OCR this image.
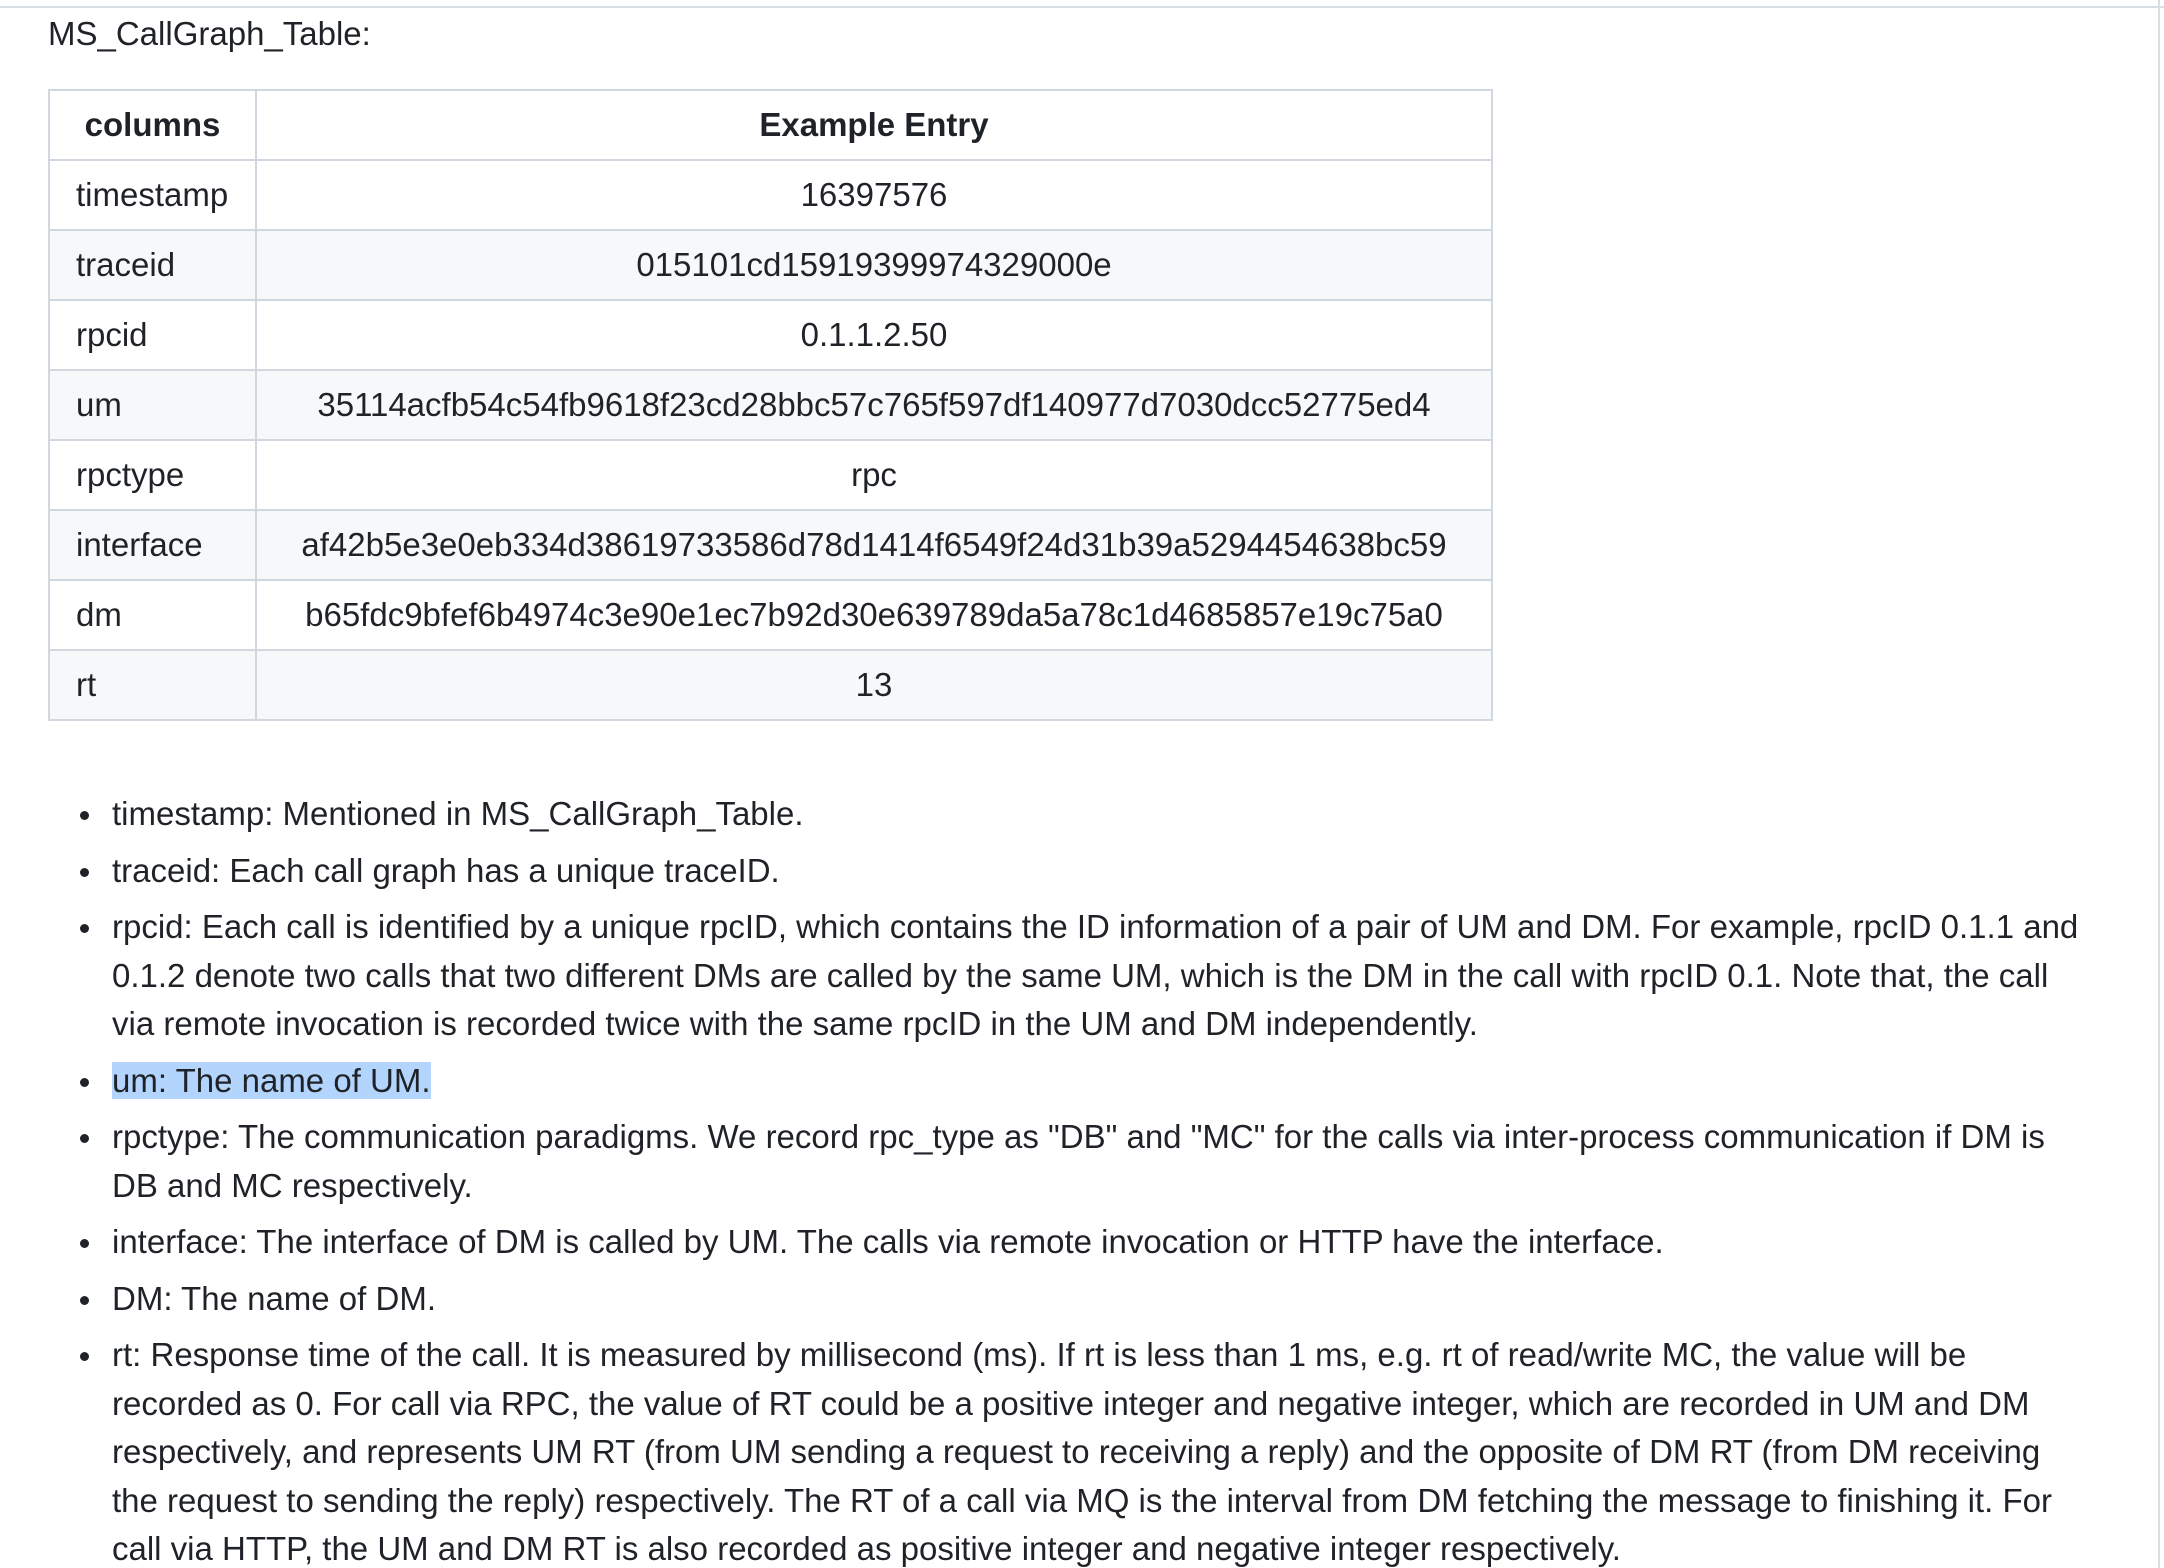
MS_CallGraph_Table:

columns	Example Entry
timestamp	16397576
traceid	015101cd15919399974329000e
rpcid	0.1.1.2.50
um	35114acfb54c54fb9618f23cd28bbc57c765f597df140977d7030dcc52775ed4
rpctype	rpc
interface	af42b5e3e0eb334d38619733586d78d1414f6549f24d31b39a5294454638bc59
dm	b65fdc9bfef6b4974c3e90e1ec7b92d30e639789da5a78c1d4685857e19c75a0
rt	13
timestamp: Mentioned in MS_CallGraph_Table.
traceid: Each call graph has a unique traceID.
rpcid: Each call is identified by a unique rpcID, which contains the ID information of a pair of UM and DM. For example, rpcID 0.1.1 and 0.1.2 denote two calls that two different DMs are called by the same UM, which is the DM in the call with rpcID 0.1. Note that, the call via remote invocation is recorded twice with the same rpcID in the UM and DM independently.
um: The name of UM.
rpctype: The communication paradigms. We record rpc_type as "DB" and "MC" for the calls via inter-process communication if DM is DB and MC respectively.
interface: The interface of DM is called by UM. The calls via remote invocation or HTTP have the interface.
DM: The name of DM.
rt: Response time of the call. It is measured by millisecond (ms). If rt is less than 1 ms, e.g. rt of read/write MC, the value will be recorded as 0. For call via RPC, the value of RT could be a positive integer and negative integer, which are recorded in UM and DM respectively, and represents UM RT (from UM sending a request to receiving a reply) and the opposite of DM RT (from DM receiving the request to sending the reply) respectively. The RT of a call via MQ is the interval from DM fetching the message to finishing it. For call via HTTP, the UM and DM RT is also recorded as positive integer and negative integer respectively.
